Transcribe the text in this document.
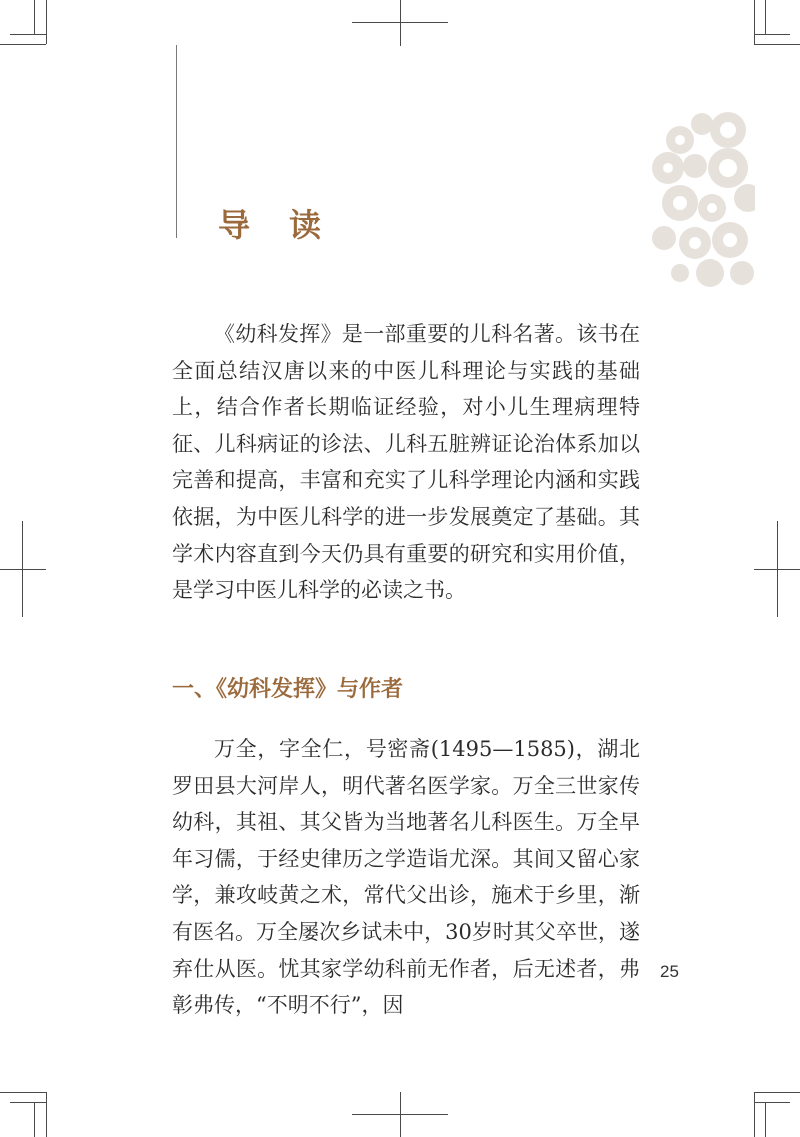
导 读

《幼科发挥》是一部重要的儿科名著。该书在全面总结汉唐以来的中医儿科理论与实践的基础上，结合作者长期临证经验，对小儿生理病理特征、儿科病证的诊法、儿科五脏辨证论治体系加以完善和提高，丰富和充实了儿科学理论内涵和实践依据，为中医儿科学的进一步发展奠定了基础。其学术内容直到今天仍具有重要的研究和实用价值，是学习中医儿科学的必读之书。

一、《幼科发挥》与作者

万全，字全仁，号密斋(1495—1585)，湖北罗田县大河岸人，明代著名医学家。万全三世家传幼科，其祖、其父皆为当地著名儿科医生。万全早年习儒，于经史律历之学造诣尤深。其间又留心家学，兼攻岐黄之术，常代父出诊，施术于乡里，渐有医名。万全屡次乡试未中，30岁时其父卒世，遂弃仕从医。忧其家学幼科前无作者，后无述者，弗彰弗传，“不明不行”，因

25
